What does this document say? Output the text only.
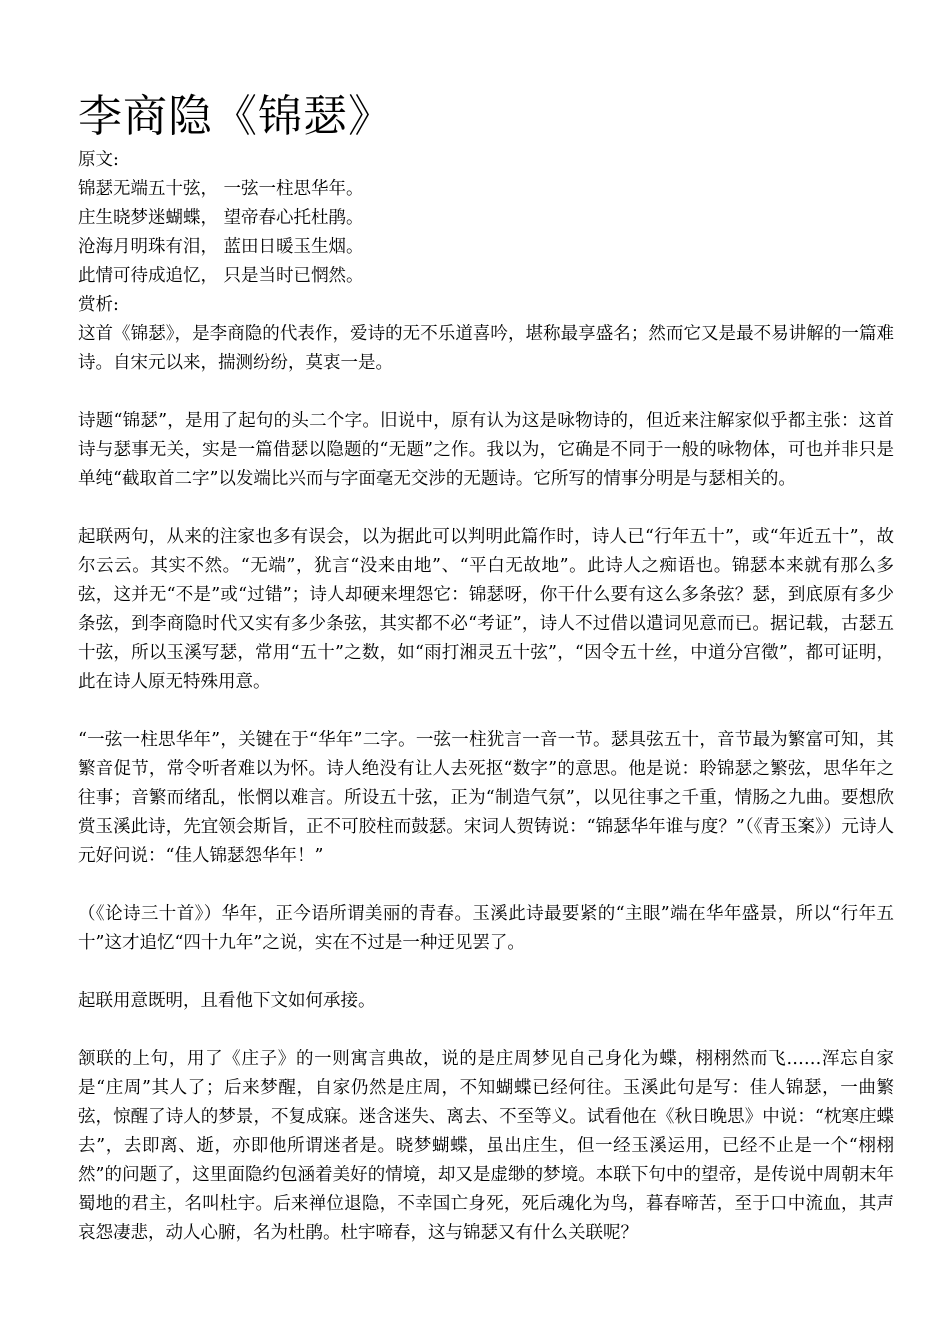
李商隐《锦瑟》

原文:

锦瑟无端五十弦， 一弦一柱思华年。

庄生晓梦迷蝴蝶， 望帝春心托杜鹃。

沧海月明珠有泪， 蓝田日暖玉生烟。

此情可待成追忆， 只是当时已惘然。

赏析:

这首《锦瑟》，是李商隐的代表作，爱诗的无不乐道喜吟，堪称最享盛名；然而它又是最不易讲解的一篇难诗。自宋元以来，揣测纷纷，莫衷一是。

诗题“锦瑟”，是用了起句的头二个字。旧说中，原有认为这是咏物诗的，但近来注解家似乎都主张：这首诗与瑟事无关，实是一篇借瑟以隐题的“无题”之作。我以为，它确是不同于一般的咏物体，可也并非只是单纯“截取首二字”以发端比兴而与字面毫无交涉的无题诗。它所写的情事分明是与瑟相关的。

起联两句，从来的注家也多有误会，以为据此可以判明此篇作时，诗人已“行年五十”，或“年近五十”，故尔云云。其实不然。“无端”，犹言“没来由地”、“平白无故地”。此诗人之痴语也。锦瑟本来就有那么多弦，这并无“不是”或“过错”；诗人却硬来埋怨它：锦瑟呀，你干什么要有这么多条弦？瑟，到底原有多少条弦，到李商隐时代又实有多少条弦，其实都不必“考证”，诗人不过借以遣词见意而已。据记载，古瑟五十弦，所以玉溪写瑟，常用“五十”之数，如“雨打湘灵五十弦”，“因令五十丝，中道分宫徵”，都可证明，此在诗人原无特殊用意。

“一弦一柱思华年”，关键在于“华年”二字。一弦一柱犹言一音一节。瑟具弦五十，音节最为繁富可知，其繁音促节，常令听者难以为怀。诗人绝没有让人去死抠“数字”的意思。他是说：聆锦瑟之繁弦，思华年之往事；音繁而绪乱，怅惘以难言。所设五十弦，正为“制造气氛”，以见往事之千重，情肠之九曲。要想欣赏玉溪此诗，先宜领会斯旨，正不可胶柱而鼓瑟。宋词人贺铸说：“锦瑟华年谁与度？”（《青玉案》）元诗人元好问说：“佳人锦瑟怨华年！”

（《论诗三十首》）华年，正今语所谓美丽的青春。玉溪此诗最要紧的“主眼”端在华年盛景，所以“行年五十”这才追忆“四十九年”之说，实在不过是一种迂见罢了。

起联用意既明，且看他下文如何承接。

颔联的上句，用了《庄子》的一则寓言典故，说的是庄周梦见自己身化为蝶，栩栩然而飞……浑忘自家是“庄周”其人了；后来梦醒，自家仍然是庄周，不知蝴蝶已经何往。玉溪此句是写：佳人锦瑟，一曲繁弦，惊醒了诗人的梦景，不复成寐。迷含迷失、离去、不至等义。试看他在《秋日晚思》中说：“枕寒庄蝶去”，去即离、逝，亦即他所谓迷者是。晓梦蝴蝶，虽出庄生，但一经玉溪运用，已经不止是一个“栩栩然”的问题了，这里面隐约包涵着美好的情境，却又是虚缈的梦境。本联下句中的望帝，是传说中周朝末年蜀地的君主，名叫杜宇。后来禅位退隐，不幸国亡身死，死后魂化为鸟，暮春啼苦，至于口中流血，其声哀怨凄悲，动人心腑，名为杜鹃。杜宇啼春，这与锦瑟又有什么关联呢？
